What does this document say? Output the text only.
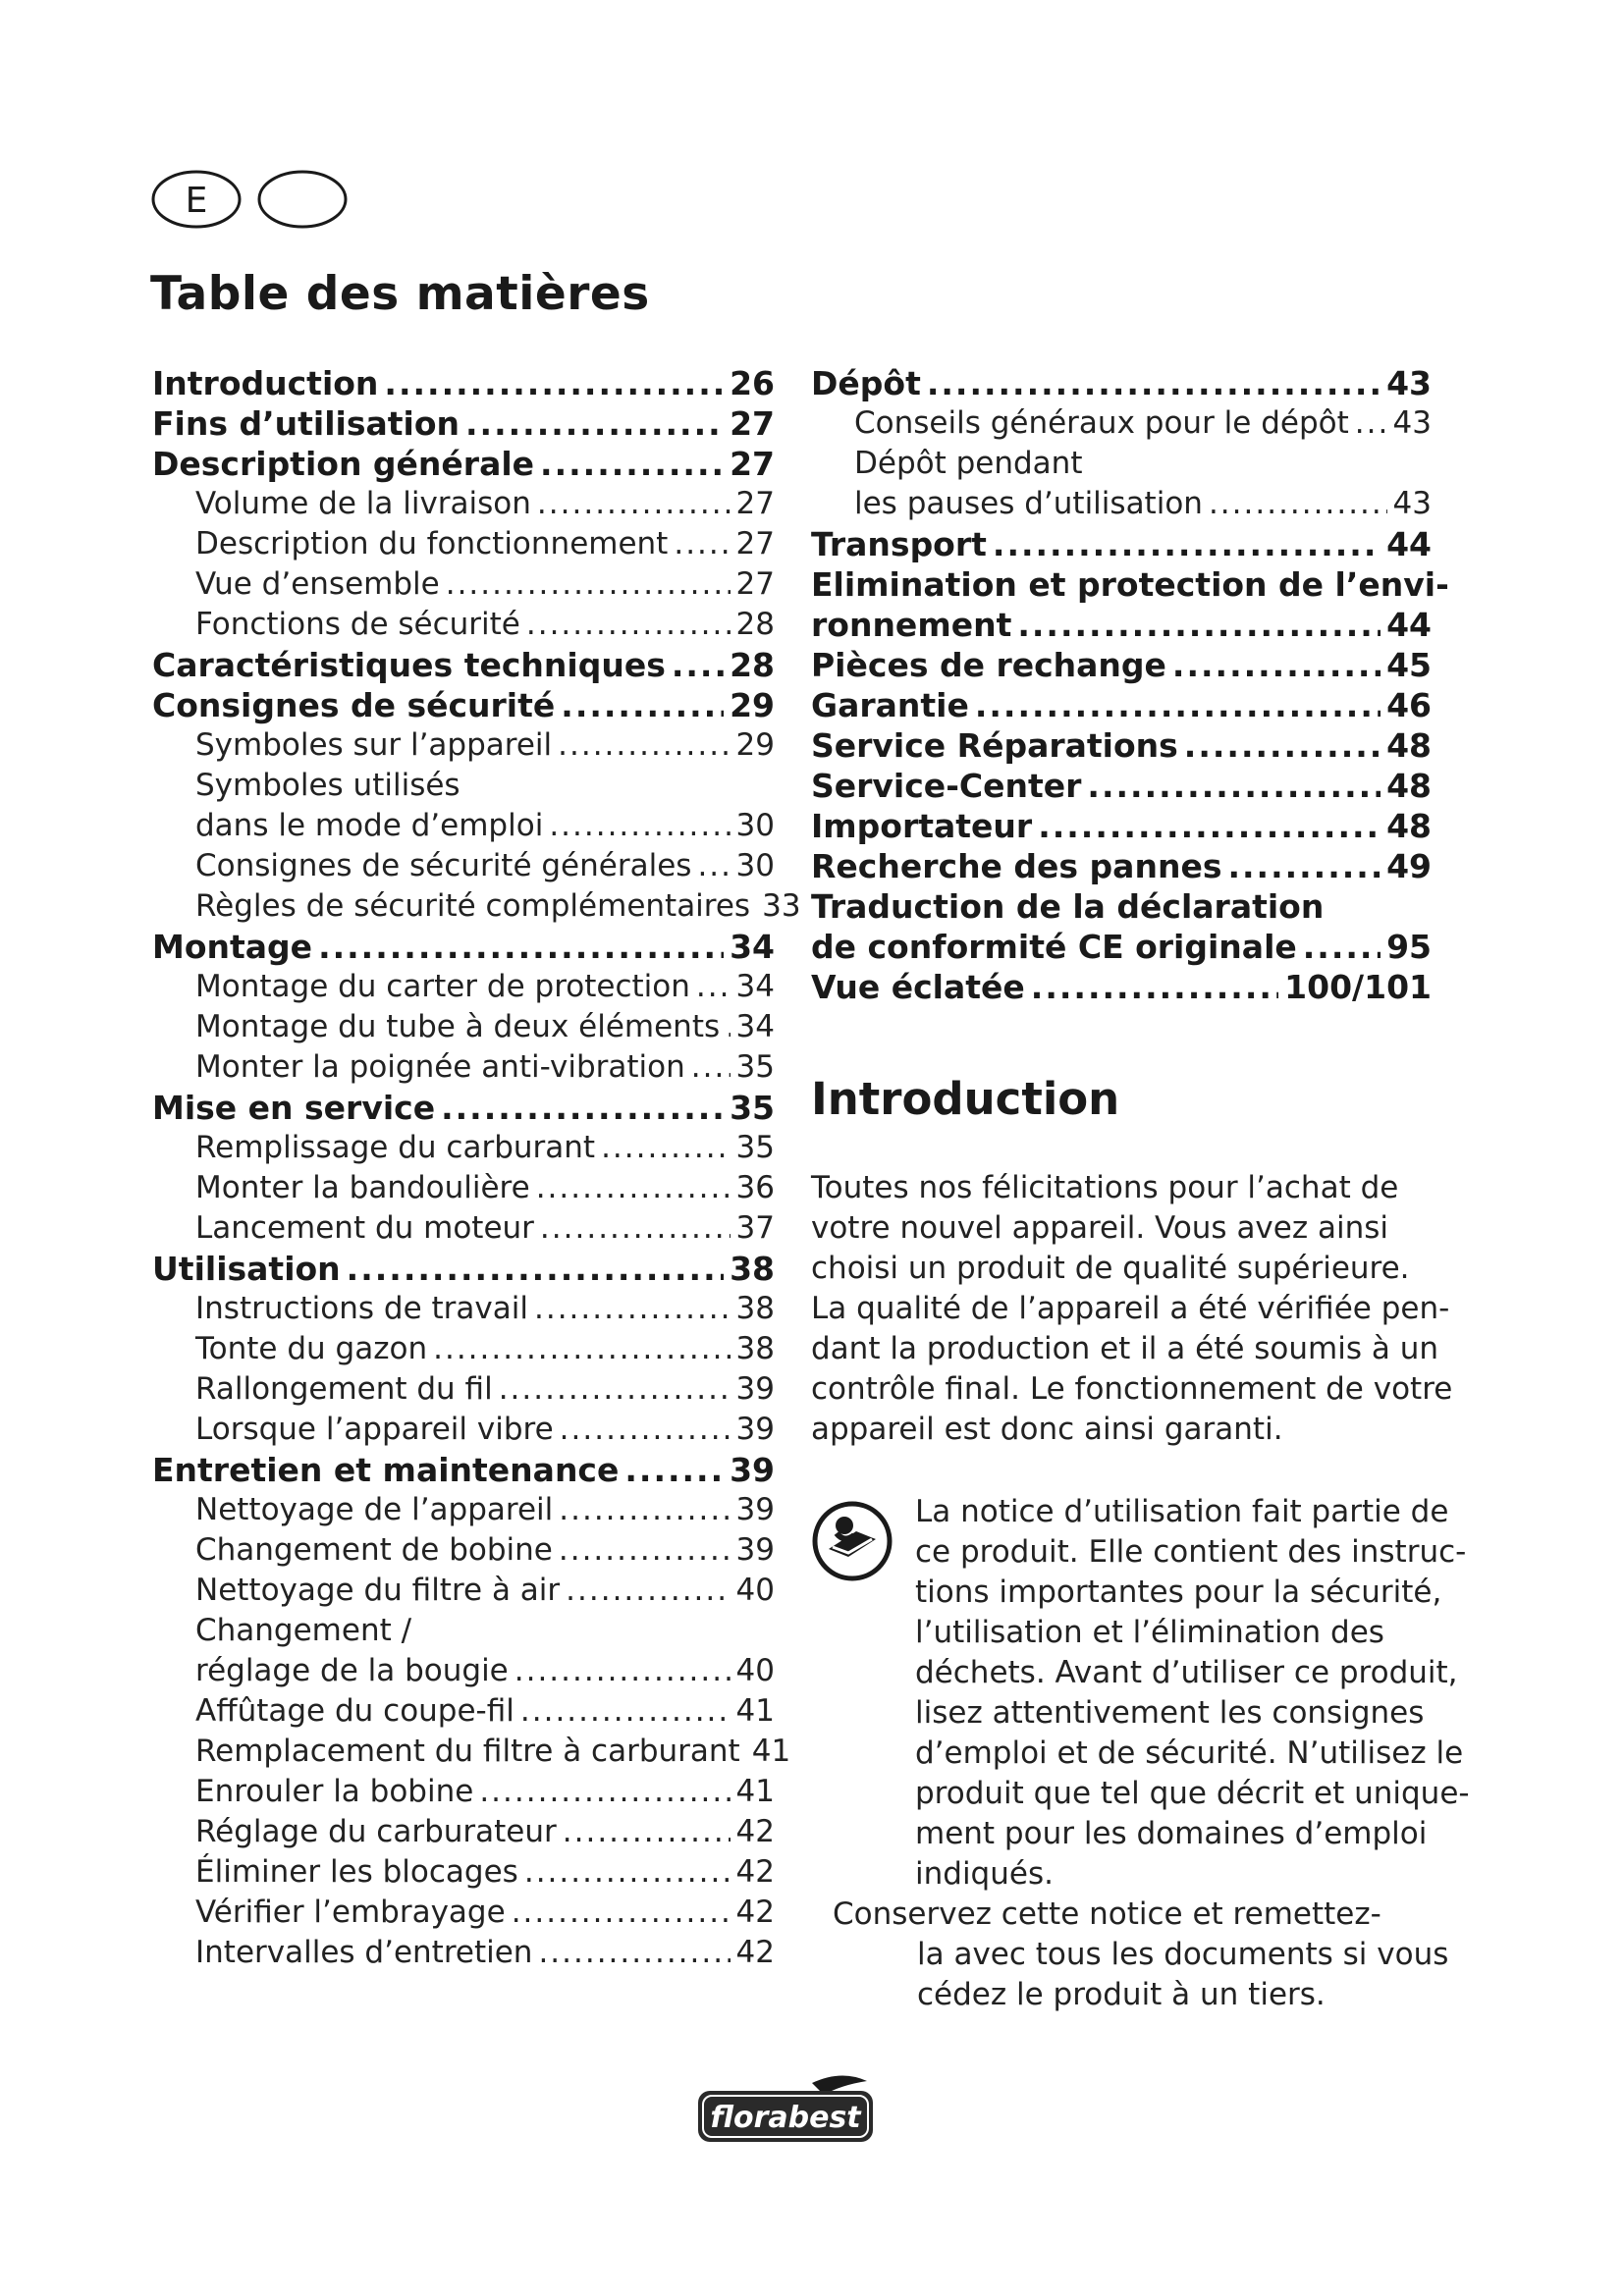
E
Table des matières
Introduction .....	26
Fins d’utilisation .....	27
Description générale .....	27
Volume de la livraison .....	27
Description du fonctionnement ..... 27
Vue d’ensemble .....	27
Fonctions de sécurité .....	28
Caractéristiques techniques ..... 28
Consignes de sécurité .....	29
Symboles sur l’appareil .....	29
Symboles utilisés
dans le mode d’emploi .....	30
Consignes de sécurité générales ..... 30
Règles de sécurité complémentaires 33
Montage .....	34
Montage du carter de protection ..... 34
Montage du tube à deux éléments ..... 34
Monter la poignée anti-vibration ..... 35
Mise en service .....	35
Remplissage du carburant .....	35
Monter la bandoulière .....	36
Lancement du moteur .....	37
Utilisation .....	38
Instructions de travail .....	38
Tonte du gazon .....	38
Rallongement du fil .....	39
Lorsque l’appareil vibre .....	39
Entretien et maintenance .....	39
Nettoyage de l’appareil .....	39
Changement de bobine .....	39
Nettoyage du filtre à air .....	40
Changement /
réglage de la bougie .....	40
Affûtage du coupe-fil .....	41
Remplacement du filtre à carburant 41
Enrouler la bobine .....	41
Réglage du carburateur .....	42
Éliminer les blocages .....	42
Vérifier l’embrayage .....	42
Intervalles d’entretien .....	42
Dépôt .....	43
Conseils généraux pour le dépôt ..... 43
Dépôt pendant
les pauses d’utilisation .....	43
Transport .....	44
Elimination et protection de l’envi-
ronnement .....	44
Pièces de rechange .....	45
Garantie .....	46
Service Réparations .....	48
Service-Center .....	48
Importateur .....	48
Recherche des pannes .....	49
Traduction de la déclaration
de conformité CE originale .....	95
Vue éclatée .....	100/101
Introduction

Toutes nos félicitations pour l’achat de
votre nouvel appareil. Vous avez ainsi
choisi un produit de qualité supérieure.
La qualité de l’appareil a été vérifiée pen-
dant la production et il a été soumis à un
contrôle final. Le fonctionnement de votre
appareil est donc ainsi garanti.

La notice d’utilisation fait partie de
ce produit. Elle contient des instruc-
tions importantes pour la sécurité,
l’utilisation et l’élimination des
déchets. Avant d’utiliser ce produit,
lisez attentivement les consignes
d’emploi et de sécurité. N’utilisez le
produit que tel que décrit et unique-
ment pour les domaines d’emploi
indiqués.

Conservez cette notice et remettez-
la avec tous les documents si vous
cédez le produit à un tiers.

florabest
